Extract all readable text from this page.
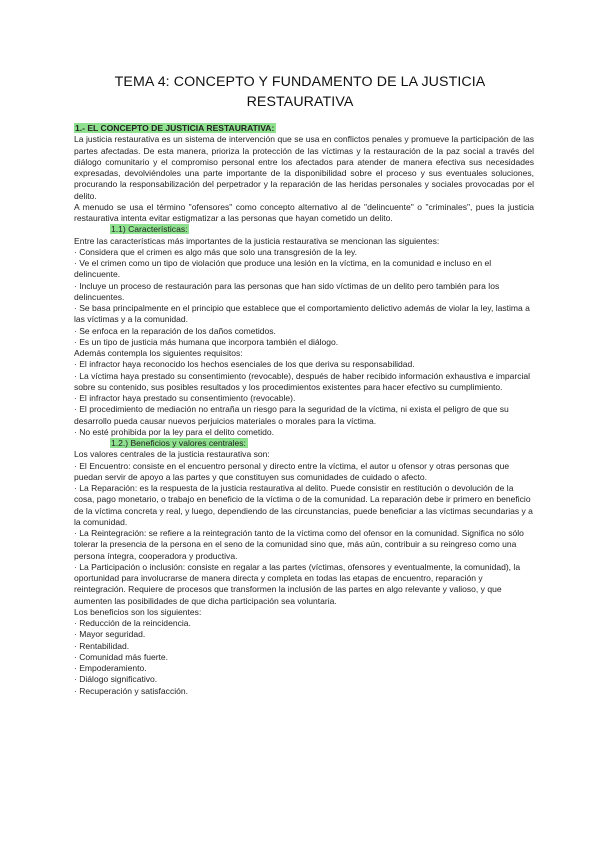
TEMA 4: CONCEPTO Y FUNDAMENTO DE LA JUSTICIA
RESTAURATIVA

1.- EL CONCEPTO DE JUSTICIA RESTAURATIVA:

La justicia restaurativa es un sistema de intervención que se usa en conflictos penales y promueve la participación de las partes afectadas. De esta manera, prioriza la protección de las víctimas y la restauración de la paz social a través del diálogo comunitario y el compromiso personal entre los afectados para atender de manera efectiva sus necesidades expresadas, devolviéndoles una parte importante de la disponibilidad sobre el proceso y sus eventuales soluciones, procurando la responsabilización del perpetrador y la reparación de las heridas personales y sociales provocadas por el delito.

A menudo se usa el término "ofensores" como concepto alternativo al de "delincuente" o "criminales", pues la justicia restaurativa intenta evitar estigmatizar a las personas que hayan cometido un delito.

1.1) Características:

Entre las características más importantes de la justicia restaurativa se mencionan las siguientes:

· Considera que el crimen es algo más que solo una transgresión de la ley.

· Ve el crimen como un tipo de violación que produce una lesión en la víctima, en la comunidad e incluso en el delincuente.

· Incluye un proceso de restauración para las personas que han sido víctimas de un delito pero también para los delincuentes.

· Se basa principalmente en el principio que establece que el comportamiento delictivo además de violar la ley, lastima a las víctimas y a la comunidad.

· Se enfoca en la reparación de los daños cometidos.

· Es un tipo de justicia más humana que incorpora también el diálogo.

Además contempla los siguientes requisitos:

· El infractor haya reconocido los hechos esenciales de los que deriva su responsabilidad.

· La víctima haya prestado su consentimiento (revocable), después de haber recibido información exhaustiva e imparcial sobre su contenido, sus posibles resultados y los procedimientos existentes para hacer efectivo su cumplimiento.

· El infractor haya prestado su consentimiento (revocable).

· El procedimiento de mediación no entraña un riesgo para la seguridad de la víctima, ni exista el peligro de que su desarrollo pueda causar nuevos perjuicios materiales o morales para la víctima.

· No esté prohibida por la ley para el delito cometido.

1.2.) Beneficios y valores centrales:

Los valores centrales de la justicia restaurativa son:

· El Encuentro: consiste en el encuentro personal y directo entre la víctima, el autor u ofensor y otras personas que puedan servir de apoyo a las partes y que constituyen sus comunidades de cuidado o afecto.

· La Reparación: es la respuesta de la justicia restaurativa al delito. Puede consistir en restitución o devolución de la cosa, pago monetario, o trabajo en beneficio de la víctima o de la comunidad. La reparación debe ir primero en beneficio de la víctima concreta y real, y luego, dependiendo de las circunstancias, puede beneficiar a las víctimas secundarias y a la comunidad.

· La Reintegración: se refiere a la reintegración tanto de la víctima como del ofensor en la comunidad. Significa no sólo tolerar la presencia de la persona en el seno de la comunidad sino que, más aún, contribuir a su reingreso como una persona íntegra, cooperadora y productiva.

· La Participación o inclusión: consiste en regalar a las partes (víctimas, ofensores y eventualmente, la comunidad), la oportunidad para involucrarse de manera directa y completa en todas las etapas de encuentro, reparación y reintegración. Requiere de procesos que transformen la inclusión de las partes en algo relevante y valioso, y que aumenten las posibilidades de que dicha participación sea voluntaria.

Los beneficios son los siguientes:

· Reducción de la reincidencia.

· Mayor seguridad.

· Rentabilidad.

· Comunidad más fuerte.

· Empoderamiento.

· Diálogo significativo.

· Recuperación y satisfacción.
